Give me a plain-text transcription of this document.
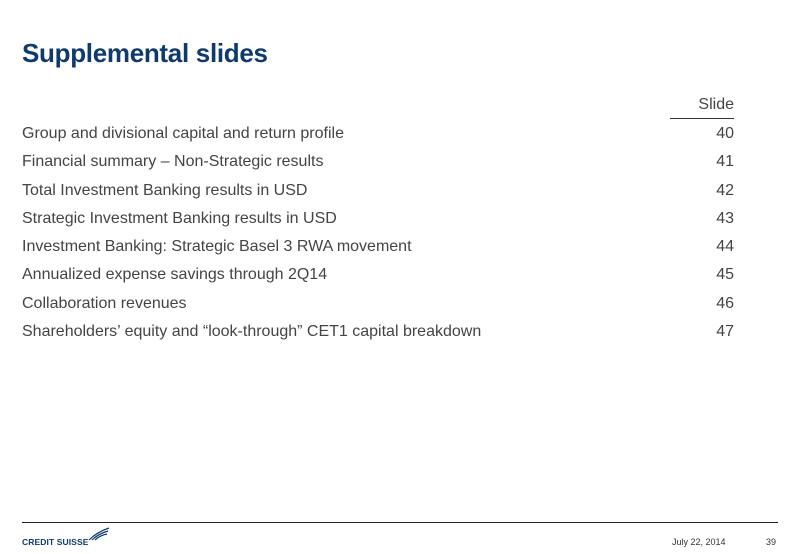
Supplemental slides
Slide
Group and divisional capital and return profile	40
Financial summary – Non-Strategic results	41
Total Investment Banking results in USD	42
Strategic Investment Banking results in USD	43
Investment Banking: Strategic Basel 3 RWA movement	44
Annualized expense savings through 2Q14	45
Collaboration revenues	46
Shareholders’ equity and “look-through” CET1 capital breakdown	47
CREDIT SUISSE	July 22, 2014	39
